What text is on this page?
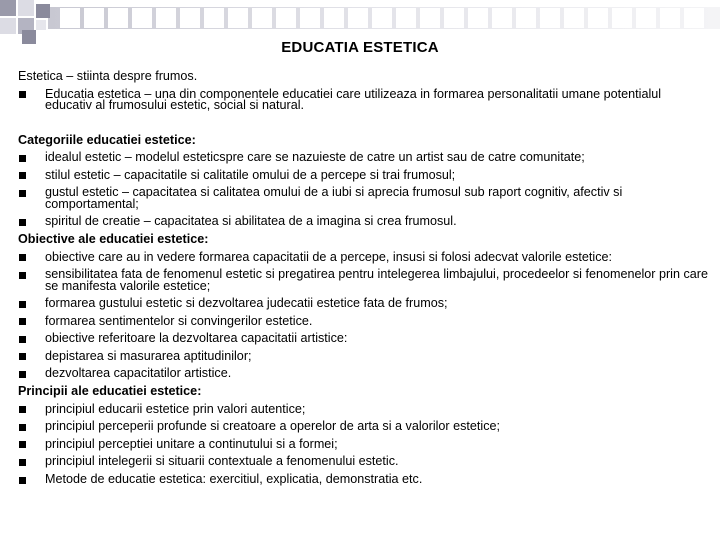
EDUCATIA ESTETICA
Estetica – stiinta despre frumos.
Educatia estetica – una din componentele educatiei care utilizeaza in formarea personalitatii umane potentialul educativ al frumosului estetic, social si natural.
Categoriile educatiei estetice:
idealul estetic – modelul esteticspre care se nazuieste de catre un artist sau de catre comunitate;
stilul estetic – capacitatile si calitatile omului de a percepe si trai frumosul;
gustul estetic – capacitatea si calitatea omului de a iubi si aprecia frumosul sub raport cognitiv, afectiv si comportamental;
spiritul de creatie – capacitatea si abilitatea de a imagina si crea frumosul.
Obiective ale educatiei estetice:
obiective care au in vedere formarea capacitatii de a percepe, insusi si folosi adecvat valorile estetice:
sensibilitatea fata de fenomenul estetic si pregatirea pentru intelegerea limbajului, procedeelor si fenomenelor prin care se manifesta valorile estetice;
formarea gustului estetic si dezvoltarea judecatii estetice fata de frumos;
formarea sentimentelor si convingerilor estetice.
obiective referitoare la dezvoltarea capacitatii artistice:
depistarea si masurarea aptitudinilor;
dezvoltarea capacitatilor artistice.
Principii ale educatiei estetice:
principiul educarii estetice prin valori autentice;
principiul perceperii profunde si creatoare a operelor de arta si a valorilor estetice;
principiul perceptiei unitare a continutului si a formei;
principiul intelegerii si situarii contextuale a fenomenului estetic.
Metode de educatie estetica: exercitiul, explicatia, demonstratia etc.
